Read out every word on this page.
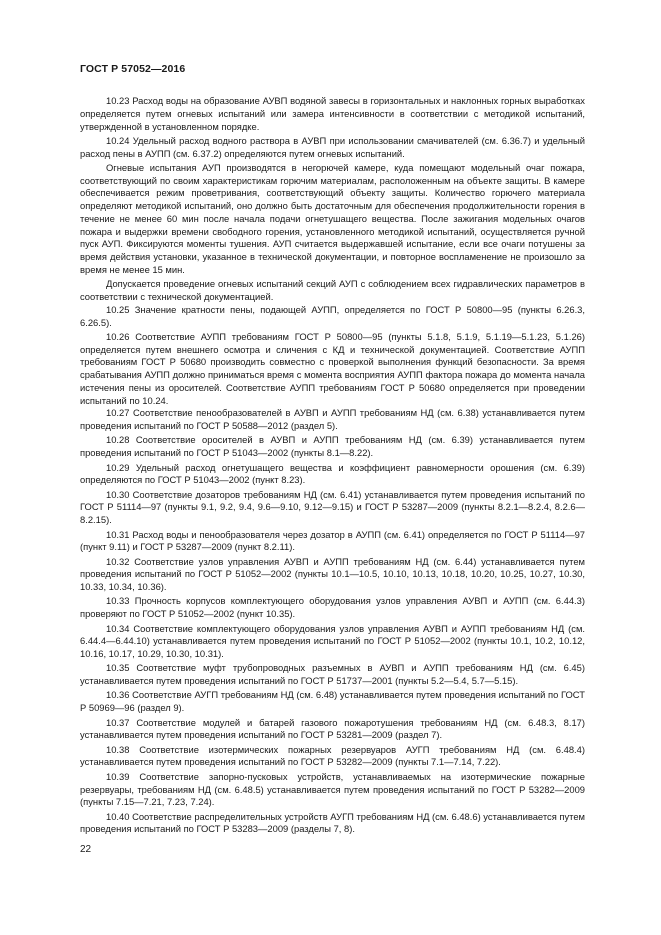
ГОСТ Р 57052—2016

10.23 Расход воды на образование АУВП водяной завесы в горизонтальных и наклонных горных выработках определяется путем огневых испытаний или замера интенсивности в соответствии с методикой испытаний, утвержденной в установленном порядке.

10.24 Удельный расход водного раствора в АУВП при использовании смачивателей (см. 6.36.7) и удельный расход пены в АУПП (см. 6.37.2) определяются путем огневых испытаний.

Огневые испытания АУП производятся в негорючей камере, куда помещают модельный очаг пожара, соответствующий по своим характеристикам горючим материалам, расположенным на объекте защиты. В камере обеспечивается режим проветривания, соответствующий объекту защиты. Количество горючего материала определяют методикой испытаний, оно должно быть достаточным для обеспечения продолжительности горения в течение не менее 60 мин после начала подачи огнетушащего вещества. После зажигания модельных очагов пожара и выдержки времени свободного горения, установленного методикой испытаний, осуществляется ручной пуск АУП. Фиксируются моменты тушения. АУП считается выдержавшей испытание, если все очаги потушены за время действия установки, указанное в технической документации, и повторное воспламенение не произошло за время не менее 15 мин.

Допускается проведение огневых испытаний секций АУП с соблюдением всех гидравлических параметров в соответствии с технической документацией.

10.25 Значение кратности пены, подающей АУПП, определяется по ГОСТ Р 50800—95 (пункты 6.26.3, 6.26.5).

10.26 Соответствие АУПП требованиям ГОСТ Р 50800—95 (пункты 5.1.8, 5.1.9, 5.1.19—5.1.23, 5.1.26) определяется путем внешнего осмотра и сличения с КД и технической документацией. Соответствие АУПП требованиям ГОСТ Р 50680 производить совместно с проверкой выполнения функций безопасности. За время срабатывания АУПП должно приниматься время с момента восприятия АУПП фактора пожара до момента начала истечения пены из оросителей. Соответствие АУПП требованиям ГОСТ Р 50680 определяется при проведении испытаний по 10.24.

10.27 Соответствие пенообразователей в АУВП и АУПП требованиям НД (см. 6.38) устанавливается путем проведения испытаний по ГОСТ Р 50588—2012 (раздел 5).

10.28 Соответствие оросителей в АУВП и АУПП требованиям НД (см. 6.39) устанавливается путем проведения испытаний по ГОСТ Р 51043—2002 (пункты 8.1—8.22).

10.29 Удельный расход огнетушащего вещества и коэффициент равномерности орошения (см. 6.39) определяются по ГОСТ Р 51043—2002 (пункт 8.23).

10.30 Соответствие дозаторов требованиям НД (см. 6.41) устанавливается путем проведения испытаний по ГОСТ Р 51114—97 (пункты 9.1, 9.2, 9.4, 9.6—9.10, 9.12—9.15) и ГОСТ Р 53287—2009 (пункты 8.2.1—8.2.4, 8.2.6—8.2.15).

10.31 Расход воды и пенообразователя через дозатор в АУПП (см. 6.41) определяется по ГОСТ Р 51114—97 (пункт 9.11) и ГОСТ Р 53287—2009 (пункт 8.2.11).

10.32 Соответствие узлов управления АУВП и АУПП требованиям НД (см. 6.44) устанавливается путем проведения испытаний по ГОСТ Р 51052—2002 (пункты 10.1—10.5, 10.10, 10.13, 10.18, 10.20, 10.25, 10.27, 10.30, 10.33, 10.34, 10.36).

10.33 Прочность корпусов комплектующего оборудования узлов управления АУВП и АУПП (см. 6.44.3) проверяют по ГОСТ Р 51052—2002 (пункт 10.35).

10.34 Соответствие комплектующего оборудования узлов управления АУВП и АУПП требованиям НД (см. 6.44.4—6.44.10) устанавливается путем проведения испытаний по ГОСТ Р 51052—2002 (пункты 10.1, 10.2, 10.12, 10.16, 10.17, 10.29, 10.30, 10.31).

10.35 Соответствие муфт трубопроводных разъемных в АУВП и АУПП требованиям НД (см. 6.45) устанавливается путем проведения испытаний по ГОСТ Р 51737—2001 (пункты 5.2—5.4, 5.7—5.15).

10.36 Соответствие АУГП требованиям НД (см. 6.48) устанавливается путем проведения испытаний по ГОСТ Р 50969—96 (раздел 9).

10.37 Соответствие модулей и батарей газового пожаротушения требованиям НД (см. 6.48.3, 8.17) устанавливается путем проведения испытаний по ГОСТ Р 53281—2009 (раздел 7).

10.38 Соответствие изотермических пожарных резервуаров АУГП требованиям НД (см. 6.48.4) устанавливается путем проведения испытаний по ГОСТ Р 53282—2009 (пункты 7.1—7.14, 7.22).

10.39 Соответствие запорно-пусковых устройств, устанавливаемых на изотермические пожарные резервуары, требованиям НД (см. 6.48.5) устанавливается путем проведения испытаний по ГОСТ Р 53282—2009 (пункты 7.15—7.21, 7.23, 7.24).

10.40 Соответствие распределительных устройств АУГП требованиям НД (см. 6.48.6) устанавливается путем проведения испытаний по ГОСТ Р 53283—2009 (разделы 7, 8).

22
